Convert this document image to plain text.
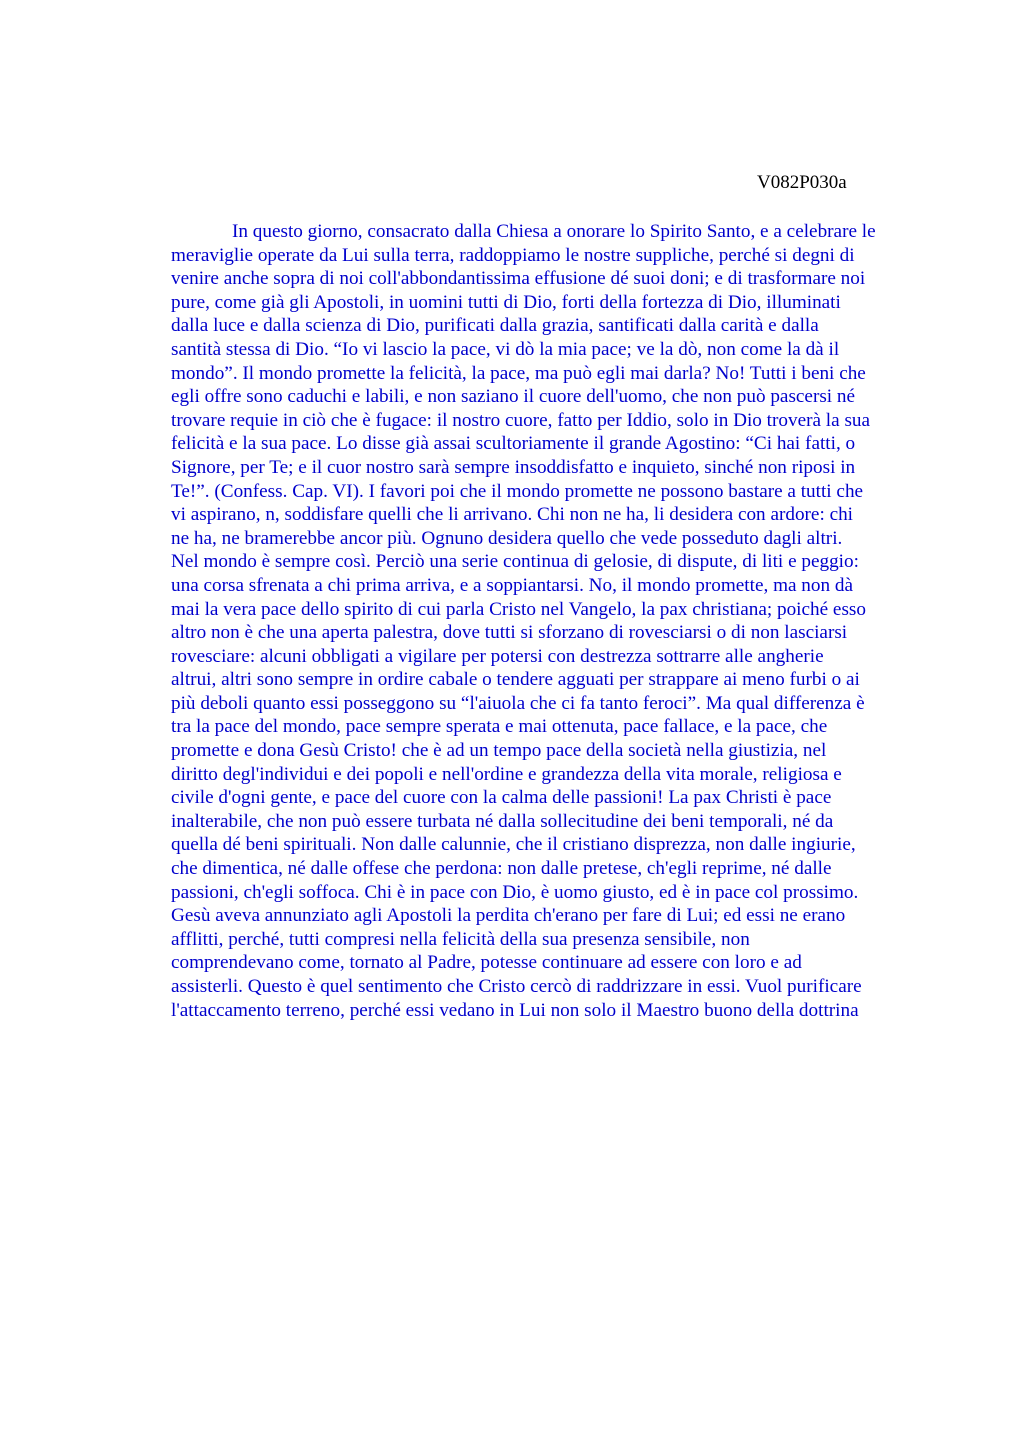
V082P030a
In questo giorno, consacrato dalla Chiesa a onorare lo Spirito Santo, e a celebrare le
meraviglie operate da Lui sulla terra, raddoppiamo le nostre suppliche, perché si degni di
venire anche sopra di noi coll'abbondantissima effusione dé suoi doni; e di trasformare noi
pure, come già gli Apostoli, in uomini tutti di Dio, forti della fortezza di Dio, illuminati
dalla luce e dalla scienza di Dio, purificati dalla grazia, santificati dalla carità e dalla
santità stessa di Dio. “Io vi lascio la pace, vi dò la mia pace; ve la dò, non come la dà il
mondo”. Il mondo promette la felicità, la pace, ma può egli mai darla? No! Tutti i beni che
egli offre sono caduchi e labili, e non saziano il cuore dell'uomo, che non può pascersi né
trovare requie in ciò che è fugace: il nostro cuore, fatto per Iddio, solo in Dio troverà la sua
felicità e la sua pace. Lo disse già assai scultoriamente il grande Agostino: “Ci hai fatti, o
Signore, per Te; e il cuor nostro sarà sempre insoddisfatto e inquieto, sinché non riposi in
Te!”. (Confess. Cap. VI). I favori poi che il mondo promette ne possono bastare a tutti che
vi aspirano, n, soddisfare quelli che li arrivano. Chi non ne ha, li desidera con ardore: chi
ne ha, ne bramerebbe ancor più. Ognuno desidera quello che vede posseduto dagli altri.
Nel mondo è sempre così. Perciò una serie continua di gelosie, di dispute, di liti e peggio:
una corsa sfrenata a chi prima arriva, e a soppiantarsi. No, il mondo promette, ma non dà
mai la vera pace dello spirito di cui parla Cristo nel Vangelo, la pax christiana; poiché esso
altro non è che una aperta palestra, dove tutti si sforzano di rovesciarsi o di non lasciarsi
rovesciare: alcuni obbligati a vigilare per potersi con destrezza sottrarre alle angherie
altrui, altri sono sempre in ordire cabale o tendere agguati per strappare ai meno furbi o ai
più deboli quanto essi posseggono su “l'aiuola che ci fa tanto feroci”. Ma qual differenza è
tra la pace del mondo, pace sempre sperata e mai ottenuta, pace fallace, e la pace, che
promette e dona Gesù Cristo! che è ad un tempo pace della società nella giustizia, nel
diritto degl'individui e dei popoli e nell'ordine e grandezza della vita morale, religiosa e
civile d'ogni gente, e pace del cuore con la calma delle passioni! La pax Christi è pace
inalterabile, che non può essere turbata né dalla sollecitudine dei beni temporali, né da
quella dé beni spirituali. Non dalle calunnie, che il cristiano disprezza, non dalle ingiurie,
che dimentica, né dalle offese che perdona: non dalle pretese, ch'egli reprime, né dalle
passioni, ch'egli soffoca. Chi è in pace con Dio, è uomo giusto, ed è in pace col prossimo.
Gesù aveva annunziato agli Apostoli la perdita ch'erano per fare di Lui; ed essi ne erano
afflitti, perché, tutti compresi nella felicità della sua presenza sensibile, non
comprendevano come, tornato al Padre, potesse continuare ad essere con loro e ad
assisterli. Questo è quel sentimento che Cristo cercò di raddrizzare in essi. Vuol purificare
l'attaccamento terreno, perché essi vedano in Lui non solo il Maestro buono della dottrina
